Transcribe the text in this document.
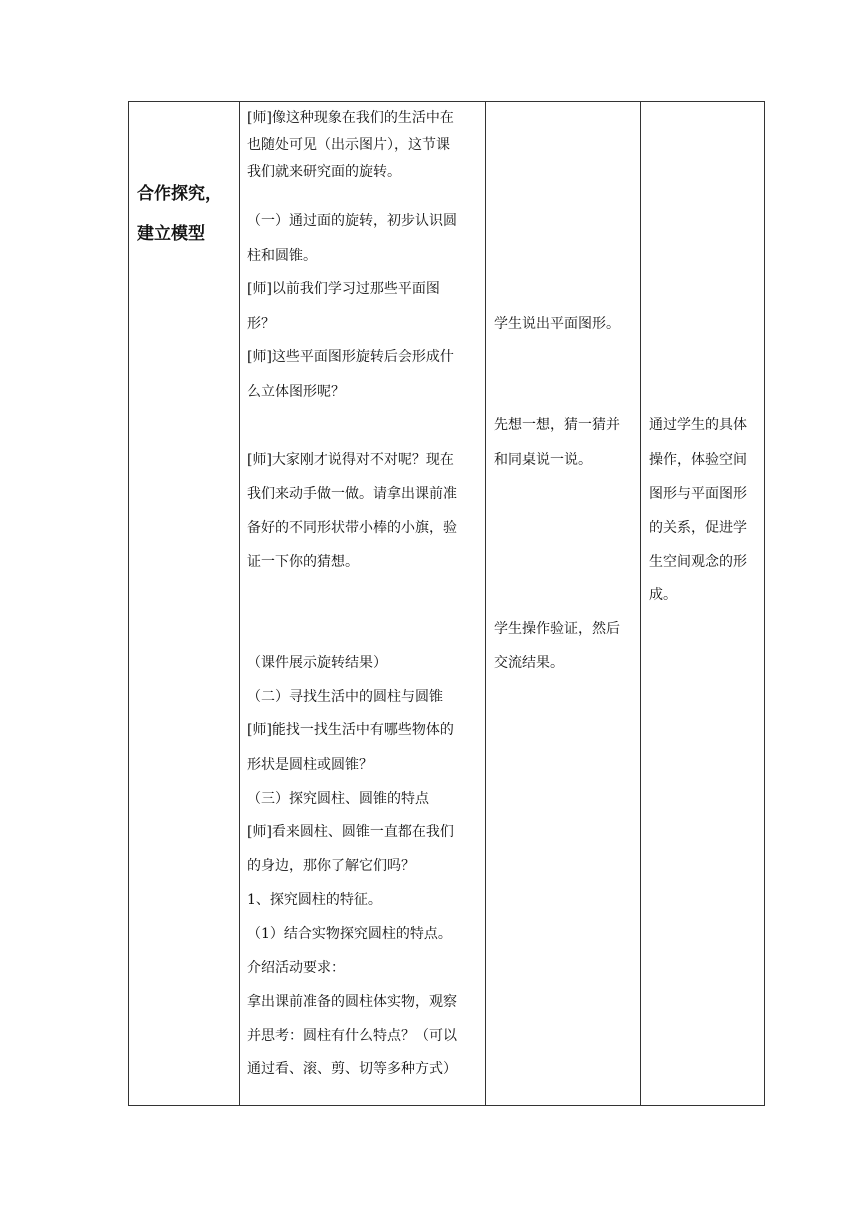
合作探究，
建立模型
[师]像这种现象在我们的生活中在
也随处可见（出示图片），这节课
我们就来研究面的旋转。
（一）通过面的旋转，初步认识圆
柱和圆锥。
[师]以前我们学习过那些平面图
形？
[师]这些平面图形旋转后会形成什
么立体图形呢？
[师]大家刚才说得对不对呢？现在
我们来动手做一做。请拿出课前准
备好的不同形状带小棒的小旗，验
证一下你的猜想。
（课件展示旋转结果）
（二）寻找生活中的圆柱与圆锥
[师]能找一找生活中有哪些物体的
形状是圆柱或圆锥？
（三）探究圆柱、圆锥的特点
[师]看来圆柱、圆锥一直都在我们
的身边，那你了解它们吗？
1、探究圆柱的特征。
（1）结合实物探究圆柱的特点。
介绍活动要求：
拿出课前准备的圆柱体实物，观察
并思考：圆柱有什么特点？（可以
通过看、滚、剪、切等多种方式）
学生说出平面图形。
先想一想，猜一猜并
和同桌说一说。
学生操作验证，然后
交流结果。
通过学生的具体
操作，体验空间
图形与平面图形
的关系，促进学
生空间观念的形
成。
